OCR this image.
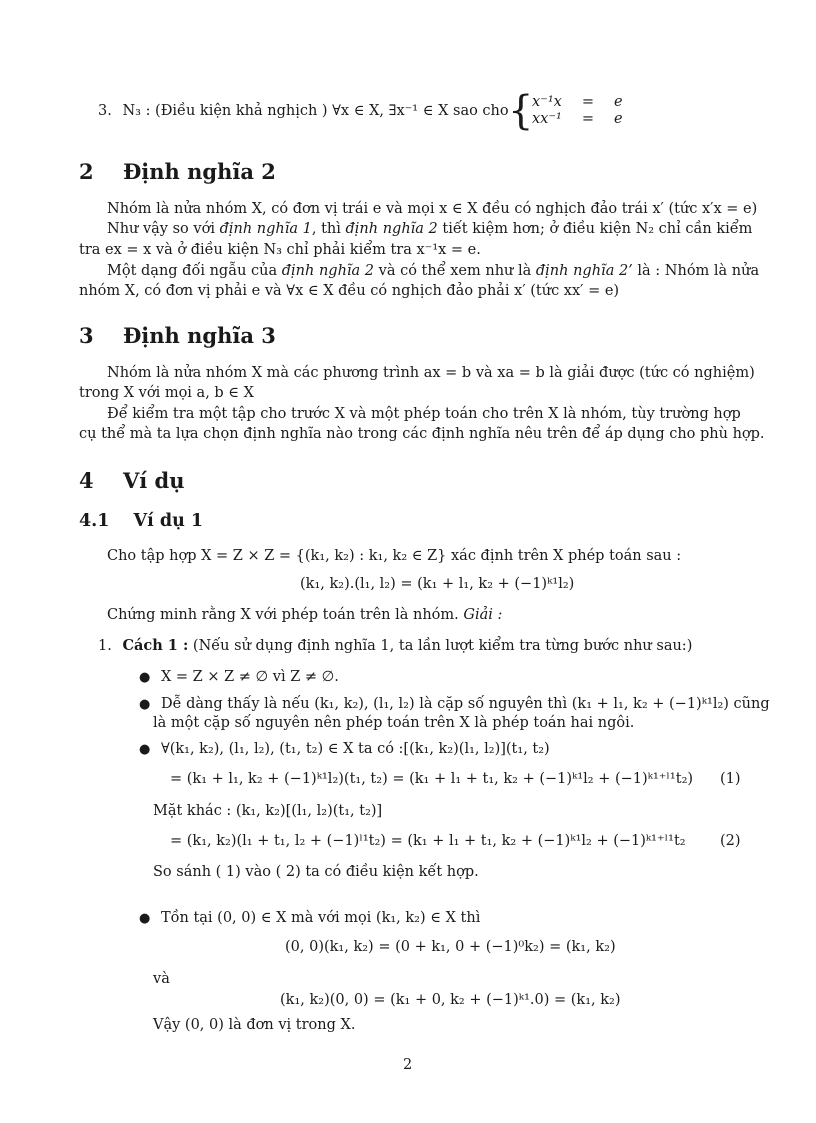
3. N₃ : (Điều kiện khả nghịch ) ∀x ∈ X, ∃x⁻¹ ∈ X sao cho {
x⁻¹x	=	e
xx⁻¹	=	e
2 Định nghĩa 2
Nhóm là nửa nhóm X, có đơn vị trái e và mọi x ∈ X đều có nghịch đảo trái x′ (tức x′x = e)
Như vậy so với định nghĩa 1, thì định nghĩa 2 tiết kiệm hơn; ở điều kiện N₂ chỉ cần kiểm
tra ex = x và ở điều kiện N₃ chỉ phải kiểm tra x⁻¹x = e.
Một dạng đối ngẫu của định nghĩa 2 và có thể xem như là định nghĩa 2’ là : Nhóm là nửa
nhóm X, có đơn vị phải e và ∀x ∈ X đều có nghịch đảo phải x′ (tức xx′ = e)
3 Định nghĩa 3
Nhóm là nửa nhóm X mà các phương trình ax = b và xa = b là giải được (tức có nghiệm)
trong X với mọi a, b ∈ X
Để kiểm tra một tập cho trước X và một phép toán cho trên X là nhóm, tùy trường hợp
cụ thể mà ta lựa chọn định nghĩa nào trong các định nghĩa nêu trên để áp dụng cho phù hợp.
4 Ví dụ
4.1 Ví dụ 1
Cho tập hợp X = Z × Z = {(k₁, k₂) : k₁, k₂ ∈ Z} xác định trên X phép toán sau :
(k₁, k₂).(l₁, l₂) = (k₁ + l₁, k₂ + (−1)ᵏ¹l₂)
Chứng minh rằng X với phép toán trên là nhóm. Giải :
1. Cách 1 : (Nếu sử dụng định nghĩa 1, ta lần lượt kiểm tra từng bước như sau:)
● X = Z × Z ≠ ∅ vì Z ≠ ∅.
● Dễ dàng thấy là nếu (k₁, k₂), (l₁, l₂) là cặp số nguyên thì (k₁ + l₁, k₂ + (−1)ᵏ¹l₂) cũng
là một cặp số nguyên nên phép toán trên X là phép toán hai ngôi.
● ∀(k₁, k₂), (l₁, l₂), (t₁, t₂) ∈ X ta có :[(k₁, k₂)(l₁, l₂)](t₁, t₂)
= (k₁ + l₁, k₂ + (−1)ᵏ¹l₂)(t₁, t₂) = (k₁ + l₁ + t₁, k₂ + (−1)ᵏ¹l₂ + (−1)ᵏ¹⁺ˡ¹t₂) (1)
Mặt khác : (k₁, k₂)[(l₁, l₂)(t₁, t₂)]
= (k₁, k₂)(l₁ + t₁, l₂ + (−1)ˡ¹t₂) = (k₁ + l₁ + t₁, k₂ + (−1)ᵏ¹l₂ + (−1)ᵏ¹⁺ˡ¹t₂ (2)
So sánh ( 1) vào ( 2) ta có điều kiện kết hợp.
● Tồn tại (0, 0) ∈ X mà với mọi (k₁, k₂) ∈ X thì
(0, 0)(k₁, k₂) = (0 + k₁, 0 + (−1)⁰k₂) = (k₁, k₂)
và
(k₁, k₂)(0, 0) = (k₁ + 0, k₂ + (−1)ᵏ¹.0) = (k₁, k₂)
Vậy (0, 0) là đơn vị trong X.
2
